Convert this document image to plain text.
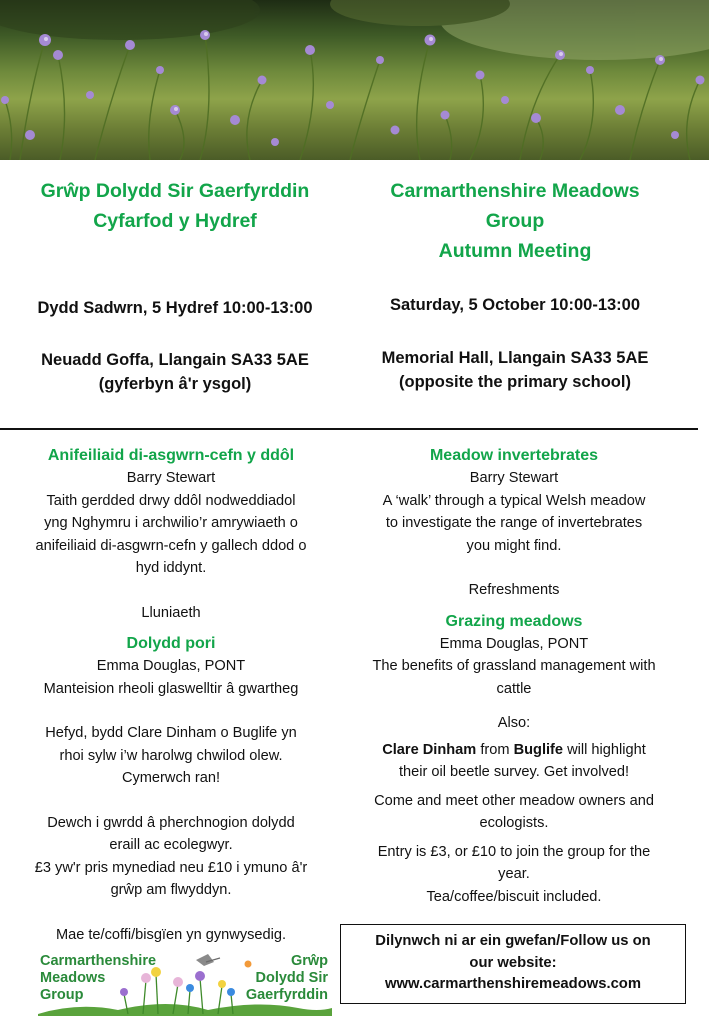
Grŵp Dolydd Sir Gaerfyrddin
Cyfarfod y Hydref
Dydd Sadwrn, 5 Hydref 10:00-13:00
Neuadd Goffa, Llangain SA33 5AE
(gyferbyn â'r ysgol)
Carmarthenshire Meadows
Group
Autumn Meeting
Saturday, 5 October 10:00-13:00
Memorial Hall, Llangain SA33 5AE
(opposite the primary school)

Anifeiliaid di-asgwrn-cefn y ddôl

Barry Stewart

Taith gerdded drwy ddôl nodweddiadol

yng Nghymru i archwilio’r amrywiaeth o

anifeiliaid di-asgwrn-cefn y gallech ddod o

hyd iddynt.

Lluniaeth

Dolydd pori

Emma Douglas, PONT

Manteision rheoli glaswelltir â gwartheg

Hefyd, bydd Clare Dinham o Buglife yn

rhoi sylw i’w harolwg chwilod olew.

Cymerwch ran!

Dewch i gwrdd â pherchnogion dolydd

eraill ac ecolegwyr.

£3 yw'r pris mynediad neu £10 i ymuno â'r

grŵp am flwyddyn.

Mae te/coffi/bisgïen yn gynwysedig.

Meadow invertebrates

Barry Stewart

A ‘walk’ through a typical Welsh meadow

to investigate the range of invertebrates

you might find.

Refreshments

Grazing meadows

Emma Douglas, PONT

The benefits of grassland management with

cattle

Also:

Clare Dinham from Buglife will highlight

their oil beetle survey. Get involved!

Come and meet other meadow owners and

ecologists.

Entry is £3, or £10 to join the group for the

year.

Tea/coffee/biscuit included.

Dilynwch ni ar ein gwefan/Follow us on
our website:
www.carmarthenshiremeadows.com
Carmarthenshire
Meadows
Group
Grŵp
Dolydd Sir
Gaerfyrddin
